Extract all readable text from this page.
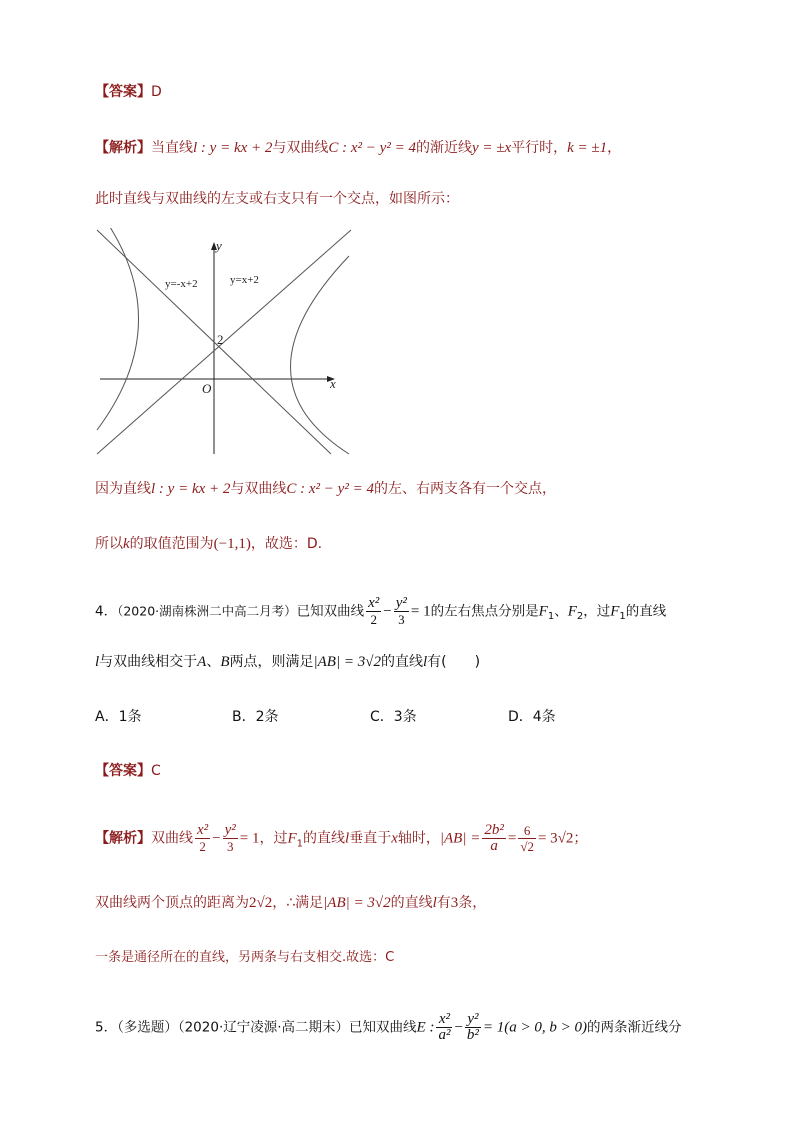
【答案】D
【解析】当直线l : y = kx + 2与双曲线C : x² − y² = 4的渐近线y = ±x平行时，k = ±1，
此时直线与双曲线的左支或右支只有一个交点，如图所示：
y
x
O
2
y=-x+2	y=x+2
因为直线l : y = kx + 2与双曲线C : x² − y² = 4的左、右两支各有一个交点，
所以k的取值范围为(−1,1)，故选：D.
4．（2020·湖南株洲二中高二月考）已知双曲线 $\frac{\text{x²}}{2} - \frac{\text{y²}}{3} = 1$的左右焦点分别是$F_1$、$F_2$，过$F_1$的直线
l与双曲线相交于A、B两点，则满足|AB| = 3√2的直线l有(　　)
A．1条	B．2条	C．3条	D．4条
【答案】C
【解析】双曲线 $\frac{\text{x²}}{2} - \frac{\text{y²}}{3} = 1$，过$F_1$的直线l垂直于x轴时，$|AB| = \frac{\text{2b²}}{a} = \frac{6}{√2} = 3√2$；
双曲线两个顶点的距离为2√2，∴满足|AB| = 3√2的直线l有3条，
一条是通径所在的直线，另两条与右支相交.故选：C
5．（多选题）（2020·辽宁凌源·高二期末）已知双曲线E : $\frac{\text{x²}}{\text{a²}} - \frac{\text{y²}}{\text{b²}} = 1(a > 0$, b > 0)的两条渐近线分
